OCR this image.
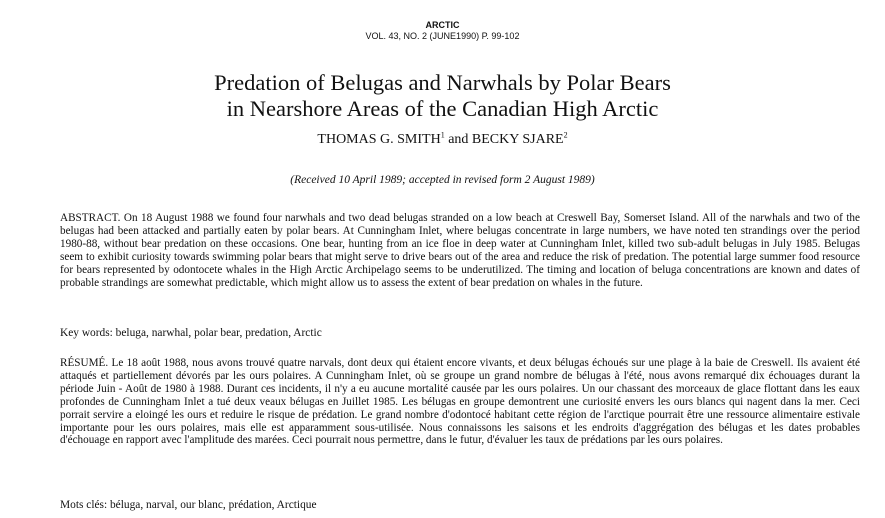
ARCTIC
VOL. 43, NO. 2 (JUNE1990) P. 99-102
Predation of Belugas and Narwhals by Polar Bears
in Nearshore Areas of the Canadian High Arctic
THOMAS G. SMITH$^1$ and BECKY SJARE$^2$
(Received 10 April 1989; accepted in revised form 2 August 1989)
ABSTRACT. On 18 August 1988 we found four narwhals and two dead belugas stranded on a low beach at Creswell Bay, Somerset Island. All of the narwhals and two of the belugas had been attacked and partially eaten by polar bears. At Cunningham Inlet, where belugas concentrate in large numbers, we have noted ten strandings over the period 1980-88, without bear predation on these occasions. One bear, hunting from an ice floe in deep water at Cunningham Inlet, killed two sub-adult belugas in July 1985. Belugas seem to exhibit curiosity towards swimming polar bears that might serve to drive bears out of the area and reduce the risk of predation. The potential large summer food resource for bears represented by odontocete whales in the High Arctic Archipelago seems to be underutilized. The timing and location of beluga concentrations are known and dates of probable strandings are somewhat predictable, which might allow us to assess the extent of bear predation on whales in the future.
Key words: beluga, narwhal, polar bear, predation, Arctic
RÉSUMÉ. Le 18 août 1988, nous avons trouvé quatre narvals, dont deux qui étaient encore vivants, et deux bélugas échoués sur une plage à la baie de Creswell. Ils avaient été attaqués et partiellement dévorés par les ours polaires. A Cunningham Inlet, où se groupe un grand nombre de bélugas à l'été, nous avons remarqué dix échouages durant la période Juin - Août de 1980 à 1988. Durant ces incidents, il n'y a eu aucune mortalité causée par les ours polaires. Un our chassant des morceaux de glace flottant dans les eaux profondes de Cunningham Inlet a tué deux veaux bélugas en Juillet 1985. Les bélugas en groupe demontrent une curiosité envers les ours blancs qui nagent dans la mer. Ceci porrait servire a eloingé les ours et reduire le risque de prédation. Le grand nombre d'odontocé habitant cette région de l'arctique pourrait être une ressource alimentaire estivale importante pour les ours polaires, mais elle est apparamment sous-utilisée. Nous connaissons les saisons et les endroits d'aggrégation des bélugas et les dates probables d'échouage en rapport avec l'amplitude des marées. Ceci pourrait nous permettre, dans le futur, d'évaluer les taux de prédations par les ours polaires.
Mots clés: béluga, narval, our blanc, prédation, Arctique
